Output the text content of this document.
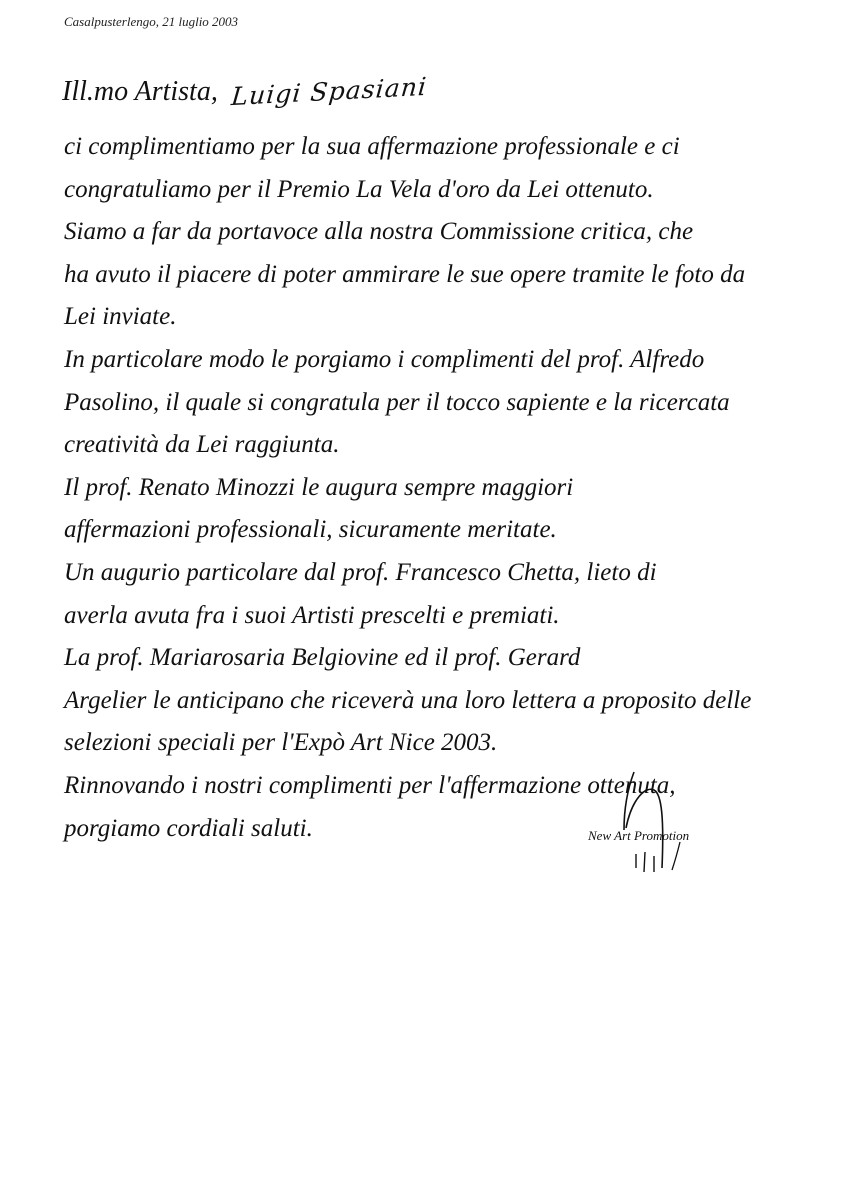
Casalpusterlengo, 21 luglio 2003
Ill.mo Artista, Luigi Spasiani
ci complimentiamo per la sua affermazione professionale e ci
congratuliamo per il Premio La Vela d'oro da Lei ottenuto.
Siamo a far da portavoce alla nostra Commissione critica, che
ha avuto il piacere di poter ammirare le sue opere tramite le foto da
Lei inviate.
In particolare modo le porgiamo i complimenti del prof. Alfredo
Pasolino, il quale si congratula per il tocco sapiente e la ricercata
creatività da Lei raggiunta.
Il prof. Renato Minozzi le augura sempre maggiori
affermazioni professionali, sicuramente meritate.
Un augurio particolare dal prof. Francesco Chetta, lieto di
averla avuta fra i suoi Artisti prescelti e premiati.
La prof. Mariarosaria Belgiovine ed il prof. Gerard
Argelier le anticipano che riceverà una loro lettera a proposito delle
selezioni speciali per l'Expò Art Nice 2003.
Rinnovando i nostri complimenti per l'affermazione ottenuta,
porgiamo cordiali saluti.	New Art Promotion
